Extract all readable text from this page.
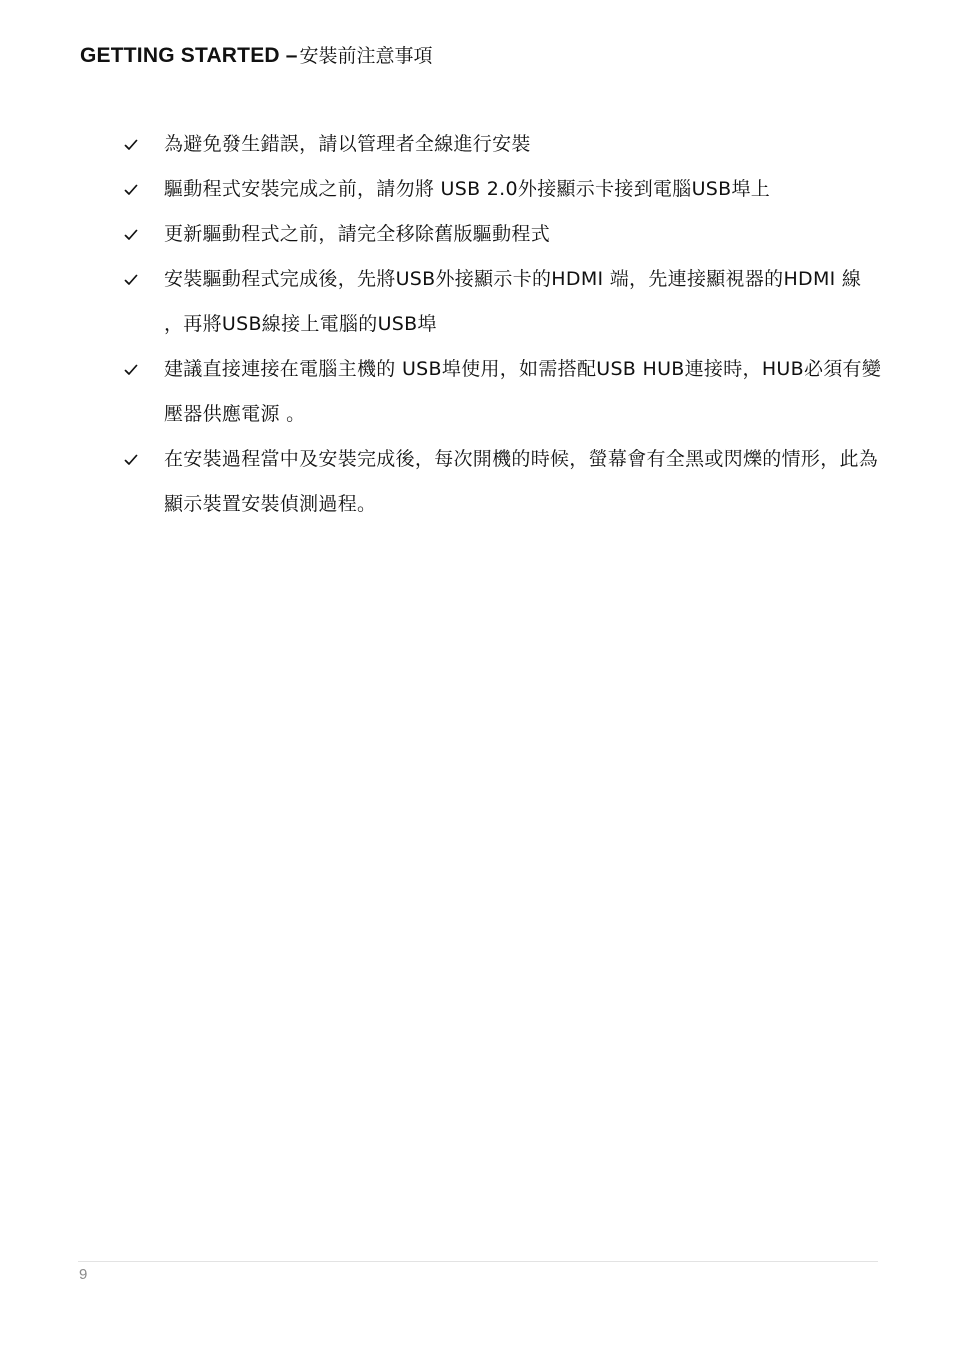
GETTING STARTED – 安裝前注意事項
為避免發生錯誤，請以管理者全線進行安裝
驅動程式安裝完成之前，請勿將 USB 2.0外接顯示卡接到電腦USB埠上
更新驅動程式之前，請完全移除舊版驅動程式
安裝驅動程式完成後，先將USB外接顯示卡的HDMI 端，先連接顯視器的HDMI 線 ，再將USB線接上電腦的USB埠
建議直接連接在電腦主機的 USB埠使用，如需搭配USB HUB連接時，HUB必須有變壓器供應電源 。
在安裝過程當中及安裝完成後，每次開機的時候，螢幕會有全黑或閃爍的情形，此為顯示裝置安裝偵測過程。
9
